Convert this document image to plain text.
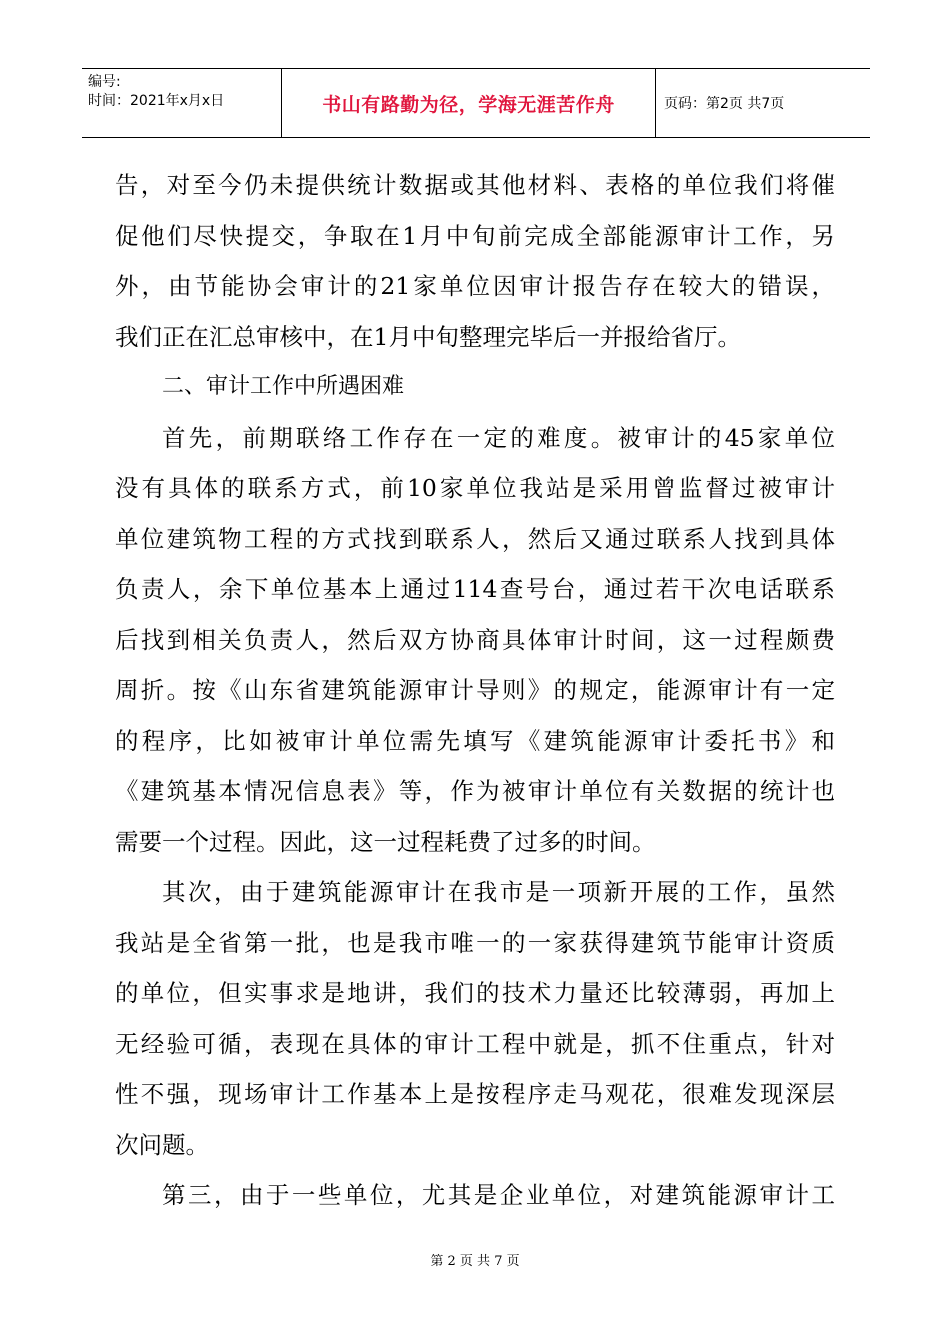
编号:
时间：2021年x月x日	书山有路勤为径，学海无涯苦作舟	页码：第2页 共7页
告，对至今仍未提供统计数据或其他材料、表格的单位我们将催
促他们尽快提交，争取在1月中旬前完成全部能源审计工作，另
外，由节能协会审计的21家单位因审计报告存在较大的错误，
我们正在汇总审核中，在1月中旬整理完毕后一并报给省厅。
二、审计工作中所遇困难
首先，前期联络工作存在一定的难度。被审计的45家单位
没有具体的联系方式，前10家单位我站是采用曾监督过被审计
单位建筑物工程的方式找到联系人，然后又通过联系人找到具体
负责人，余下单位基本上通过114查号台，通过若干次电话联系
后找到相关负责人，然后双方协商具体审计时间，这一过程颇费
周折。按《山东省建筑能源审计导则》的规定，能源审计有一定
的程序，比如被审计单位需先填写《建筑能源审计委托书》和
《建筑基本情况信息表》等，作为被审计单位有关数据的统计也
需要一个过程。因此，这一过程耗费了过多的时间。
其次，由于建筑能源审计在我市是一项新开展的工作，虽然
我站是全省第一批，也是我市唯一的一家获得建筑节能审计资质
的单位，但实事求是地讲，我们的技术力量还比较薄弱，再加上
无经验可循，表现在具体的审计工程中就是，抓不住重点，针对
性不强，现场审计工作基本上是按程序走马观花，很难发现深层
次问题。
第三，由于一些单位，尤其是企业单位，对建筑能源审计工
第 2 页 共 7 页
